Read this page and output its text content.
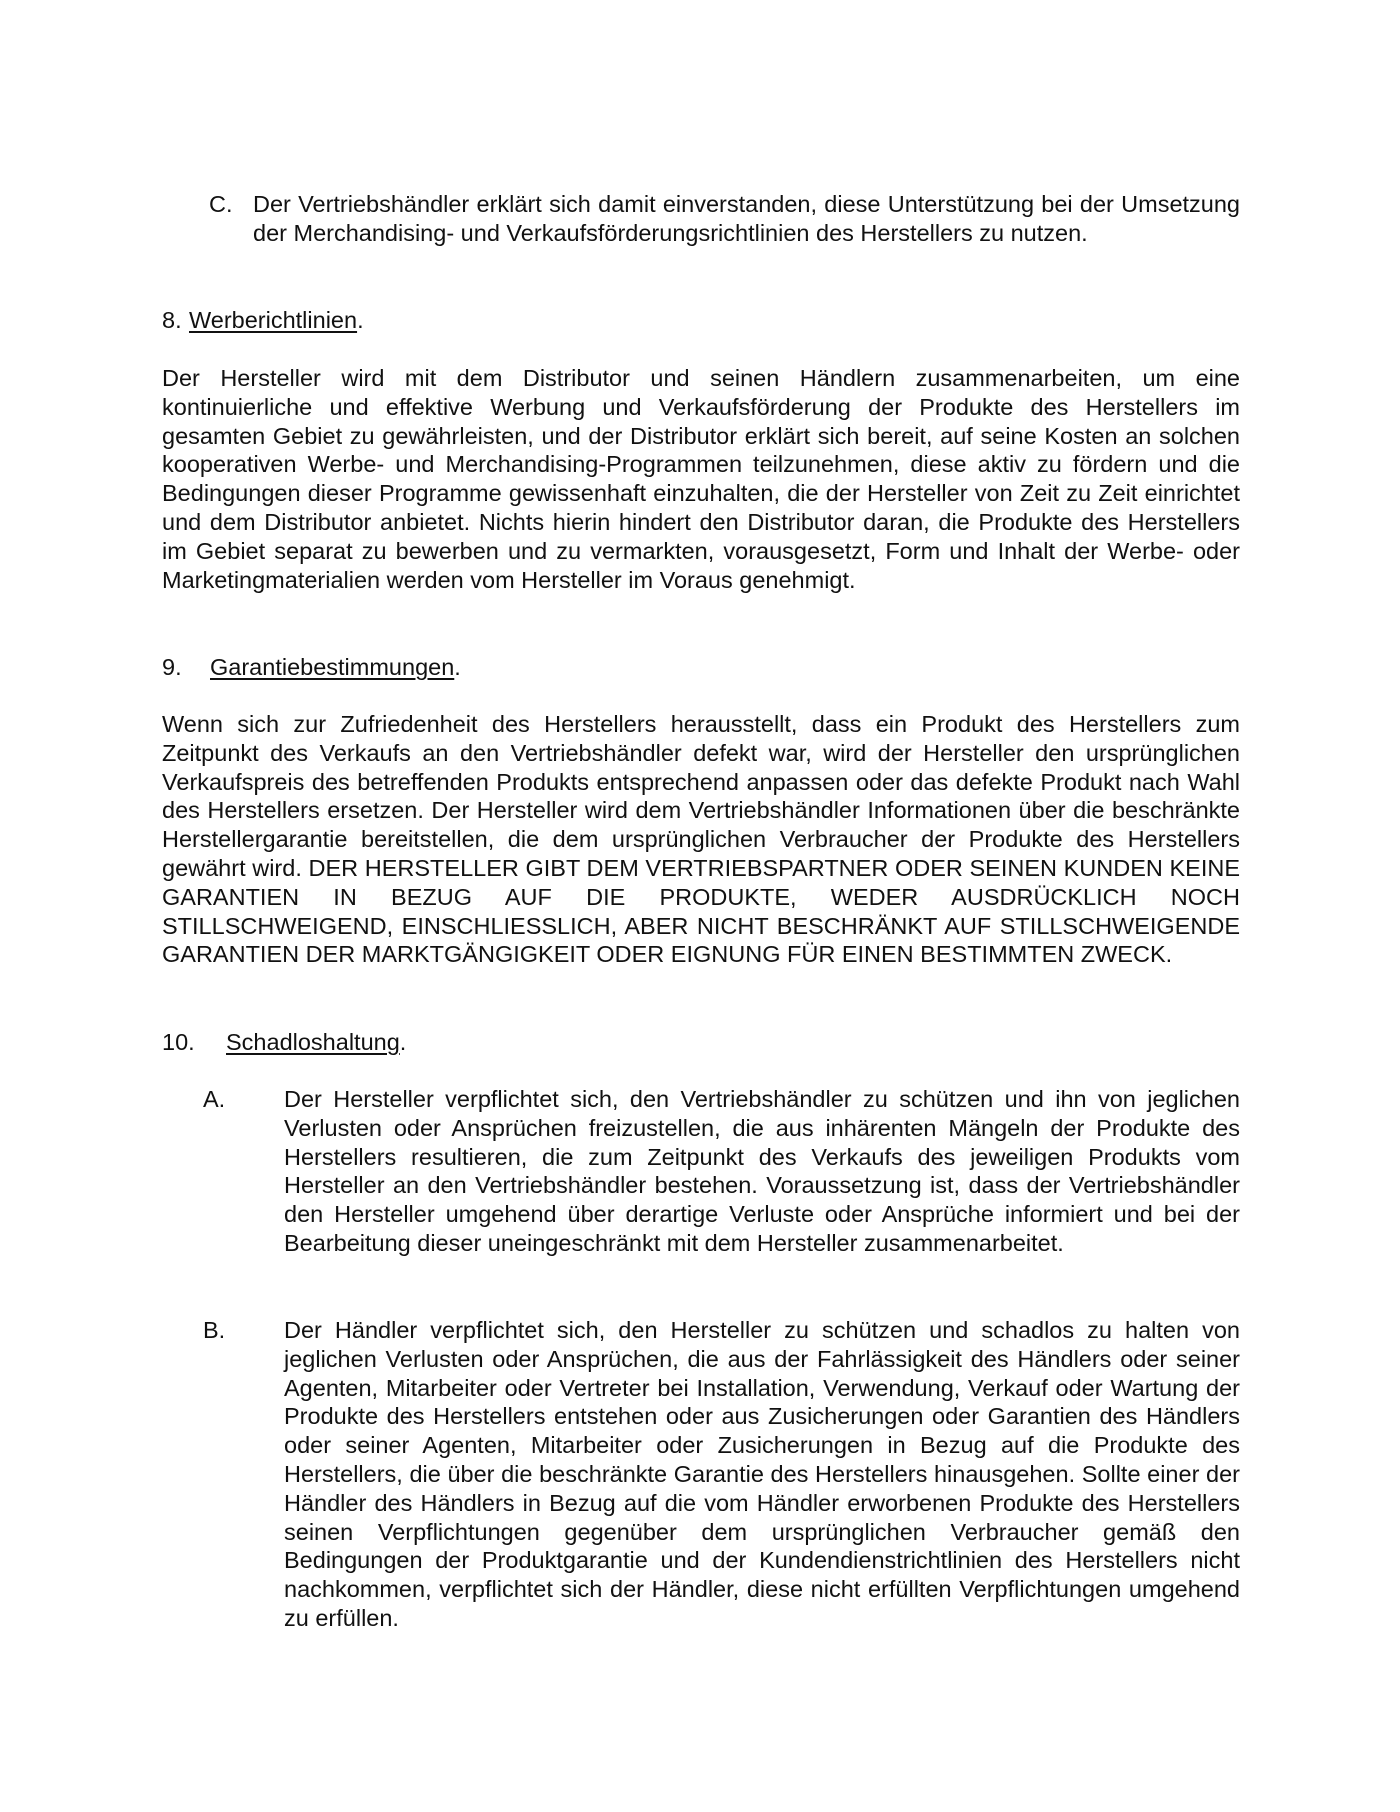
C. Der Vertriebshändler erklärt sich damit einverstanden, diese Unterstützung bei der Umsetzung der Merchandising- und Verkaufsförderungsrichtlinien des Herstellers zu nutzen.

8. Werberichtlinien.

Der Hersteller wird mit dem Distributor und seinen Händlern zusammenarbeiten, um eine kontinuierliche und effektive Werbung und Verkaufsförderung der Produkte des Herstellers im gesamten Gebiet zu gewährleisten, und der Distributor erklärt sich bereit, auf seine Kosten an solchen kooperativen Werbe- und Merchandising-Programmen teilzunehmen, diese aktiv zu fördern und die Bedingungen dieser Programme gewissenhaft einzuhalten, die der Hersteller von Zeit zu Zeit einrichtet und dem Distributor anbietet. Nichts hierin hindert den Distributor daran, die Produkte des Herstellers im Gebiet separat zu bewerben und zu vermarkten, vorausgesetzt, Form und Inhalt der Werbe- oder Marketingmaterialien werden vom Hersteller im Voraus genehmigt.

9. Garantiebestimmungen.

Wenn sich zur Zufriedenheit des Herstellers herausstellt, dass ein Produkt des Herstellers zum Zeitpunkt des Verkaufs an den Vertriebshändler defekt war, wird der Hersteller den ursprünglichen Verkaufspreis des betreffenden Produkts entsprechend anpassen oder das defekte Produkt nach Wahl des Herstellers ersetzen. Der Hersteller wird dem Vertriebshändler Informationen über die beschränkte Herstellergarantie bereitstellen, die dem ursprünglichen Verbraucher der Produkte des Herstellers gewährt wird. DER HERSTELLER GIBT DEM VERTRIEBSPARTNER ODER SEINEN KUNDEN KEINE GARANTIEN IN BEZUG AUF DIE PRODUKTE, WEDER AUSDRÜCKLICH NOCH STILLSCHWEIGEND, EINSCHLIESSLICH, ABER NICHT BESCHRÄNKT AUF STILLSCHWEIGENDE GARANTIEN DER MARKTGÄNGIGKEIT ODER EIGNUNG FÜR EINEN BESTIMMTEN ZWECK.

10. Schadloshaltung.
A.	Der Hersteller verpflichtet sich, den Vertriebshändler zu schützen und ihn von jeglichen Verlusten oder Ansprüchen freizustellen, die aus inhärenten Mängeln der Produkte des Herstellers resultieren, die zum Zeitpunkt des Verkaufs des jeweiligen Produkts vom Hersteller an den Vertriebshändler bestehen. Voraussetzung ist, dass der Vertriebshändler den Hersteller umgehend über derartige Verluste oder Ansprüche informiert und bei der Bearbeitung dieser uneingeschränkt mit dem Hersteller zusammenarbeitet.

B.	Der Händler verpflichtet sich, den Hersteller zu schützen und schadlos zu halten von jeglichen Verlusten oder Ansprüchen, die aus der Fahrlässigkeit des Händlers oder seiner Agenten, Mitarbeiter oder Vertreter bei Installation, Verwendung, Verkauf oder Wartung der Produkte des Herstellers entstehen oder aus Zusicherungen oder Garantien des Händlers oder seiner Agenten, Mitarbeiter oder Zusicherungen in Bezug auf die Produkte des Herstellers, die über die beschränkte Garantie des Herstellers hinausgehen. Sollte einer der Händler des Händlers in Bezug auf die vom Händler erworbenen Produkte des Herstellers seinen Verpflichtungen gegenüber dem ursprünglichen Verbraucher gemäß den Bedingungen der Produktgarantie und der Kundendienstrichtlinien des Herstellers nicht nachkommen, verpflichtet sich der Händler, diese nicht erfüllten Verpflichtungen umgehend zu erfüllen.
